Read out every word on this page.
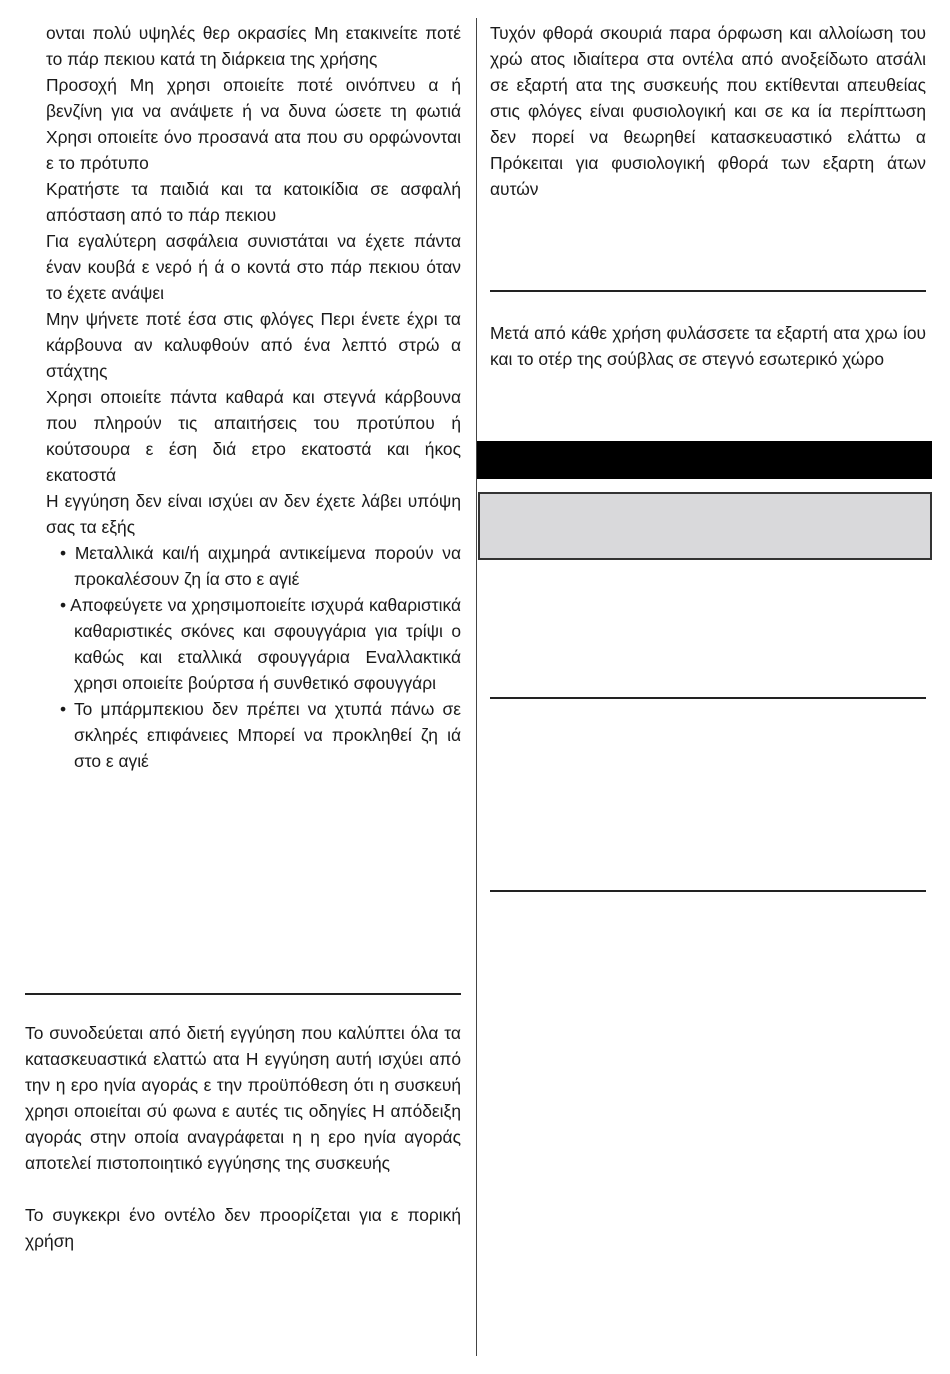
ονται πολύ υψηλές θερ οκρασίες Μη ετακινείτε ποτέ το πάρ πεκιου κατά τη διάρκεια της χρήσης

Προσοχή Μη χρησι οποιείτε ποτέ οινόπνευ α ή βενζίνη για να ανάψετε ή να δυνα ώσετε τη φωτιά Χρησι οποιείτε όνο προσανά ατα που συ ορφώνονται ε το πρότυπο

Κρατήστε τα παιδιά και τα κατοικίδια σε ασφαλή απόσταση από το πάρ πεκιου

Για εγαλύτερη ασφάλεια συνιστάται να έχετε πάντα έναν κουβά ε νερό ή ά ο κοντά στο πάρ πεκιου όταν το έχετε ανάψει

Μην ψήνετε ποτέ έσα στις φλόγες Περι ένετε έχρι τα κάρβουνα αν καλυφθούν από ένα λεπτό στρώ α στάχτης

Χρησι οποιείτε πάντα καθαρά και στεγνά κάρβουνα που πληρούν τις απαιτήσεις του προτύπου ή κούτσουρα ε έση διά ετρο εκατοστά και ήκος εκατοστά

Η εγγύηση δεν είναι ισχύει αν δεν έχετε λάβει υπόψη σας τα εξής

• Μεταλλικά και/ή αιχμηρά αντικείμενα πορούν να προκαλέσουν ζη ία στο ε αγιέ

• Αποφεύγετε να χρησιμοποιείτε ισχυρά καθαριστικά καθαριστικές σκόνες και σφουγγάρια για τρίψι ο καθώς και εταλλικά σφουγγάρια Εναλλακτικά χρησι οποιείτε βούρτσα ή συνθετικό σφουγγάρι

• Το μπάρμπεκιου δεν πρέπει να χτυπά πάνω σε σκληρές επιφάνειες Μπορεί να προκληθεί ζη ιά στο ε αγιέ

Το συνοδεύεται από διετή εγγύηση που καλύπτει όλα τα κατασκευαστικά ελαττώ ατα Η εγγύηση αυτή ισχύει από την η ερο ηνία αγοράς ε την προϋπόθεση ότι η συσκευή χρησι οποιείται σύ φωνα ε αυτές τις οδηγίες Η απόδειξη αγοράς στην οποία αναγράφεται η η ερο ηνία αγοράς αποτελεί πιστοποιητικό εγγύησης της συσκευής

Το συγκεκρι ένο οντέλο δεν προορίζεται για ε πορική χρήση

Τυχόν φθορά σκουριά παρα όρφωση και αλλοίωση του χρώ ατος ιδιαίτερα στα οντέλα από ανοξείδωτο ατσάλι σε εξαρτή ατα της συσκευής που εκτίθενται απευθείας στις φλόγες είναι φυσιολογική και σε κα ία περίπτωση δεν πορεί να θεωρηθεί κατασκευαστικό ελάττω α Πρόκειται για φυσιολογική φθορά των εξαρτη άτων αυτών

Μετά από κάθε χρήση φυλάσσετε τα εξαρτή ατα χρω ίου και το οτέρ της σούβλας σε στεγνό εσωτερικό χώρο
